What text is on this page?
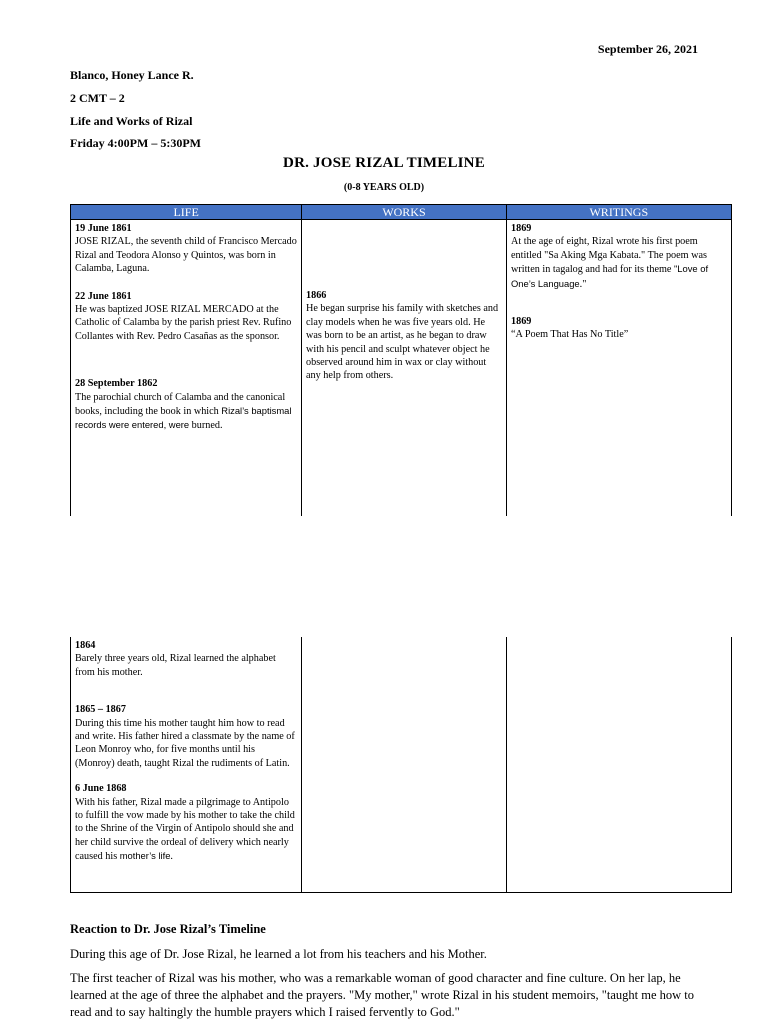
September 26, 2021
Blanco, Honey Lance R.
2 CMT – 2
Life and Works of Rizal
Friday 4:00PM – 5:30PM
DR. JOSE RIZAL TIMELINE
(0-8 YEARS OLD)
LIFE	WORKS	WRITINGS
19 June 1861
JOSE RIZAL, the seventh child of Francisco Mercado Rizal and Teodora Alonso y Quintos, was born in Calamba, Laguna.
22 June 1861
He was baptized JOSE RIZAL MERCADO at the Catholic of Calamba by the parish priest Rev. Rufino Collantes with Rev. Pedro Casañas as the sponsor.
28 September 1862
The parochial church of Calamba and the canonical books, including the book in which Rizal’s baptismal records were entered, were burned.
1866
He began surprise his family with sketches and clay models when he was five years old. He was born to be an artist, as he began to draw with his pencil and sculpt whatever object he observed around him in wax or clay without any help from others.
1869
At the age of eight, Rizal wrote his first poem entitled "Sa Aking Mga Kabata." The poem was written in tagalog and had for its theme "Love of One’s Language."
1869
“A Poem That Has No Title”
1864
Barely three years old, Rizal learned the alphabet from his mother.
1865 – 1867
During this time his mother taught him how to read and write. His father hired a classmate by the name of Leon Monroy who, for five months until his (Monroy) death, taught Rizal the rudiments of Latin.
6 June 1868
With his father, Rizal made a pilgrimage to Antipolo to fulfill the vow made by his mother to take the child to the Shrine of the Virgin of Antipolo should she and her child survive the ordeal of delivery which nearly caused his mother’s life.
Reaction to Dr. Jose Rizal’s Timeline
During this age of Dr. Jose Rizal, he learned a lot from his teachers and his Mother.
The first teacher of Rizal was his mother, who was a remarkable woman of good character and fine culture. On her lap, he learned at the age of three the alphabet and the prayers. "My mother," wrote Rizal in his student memoirs, "taught me how to read and to say haltingly the humble prayers which I raised fervently to God."
